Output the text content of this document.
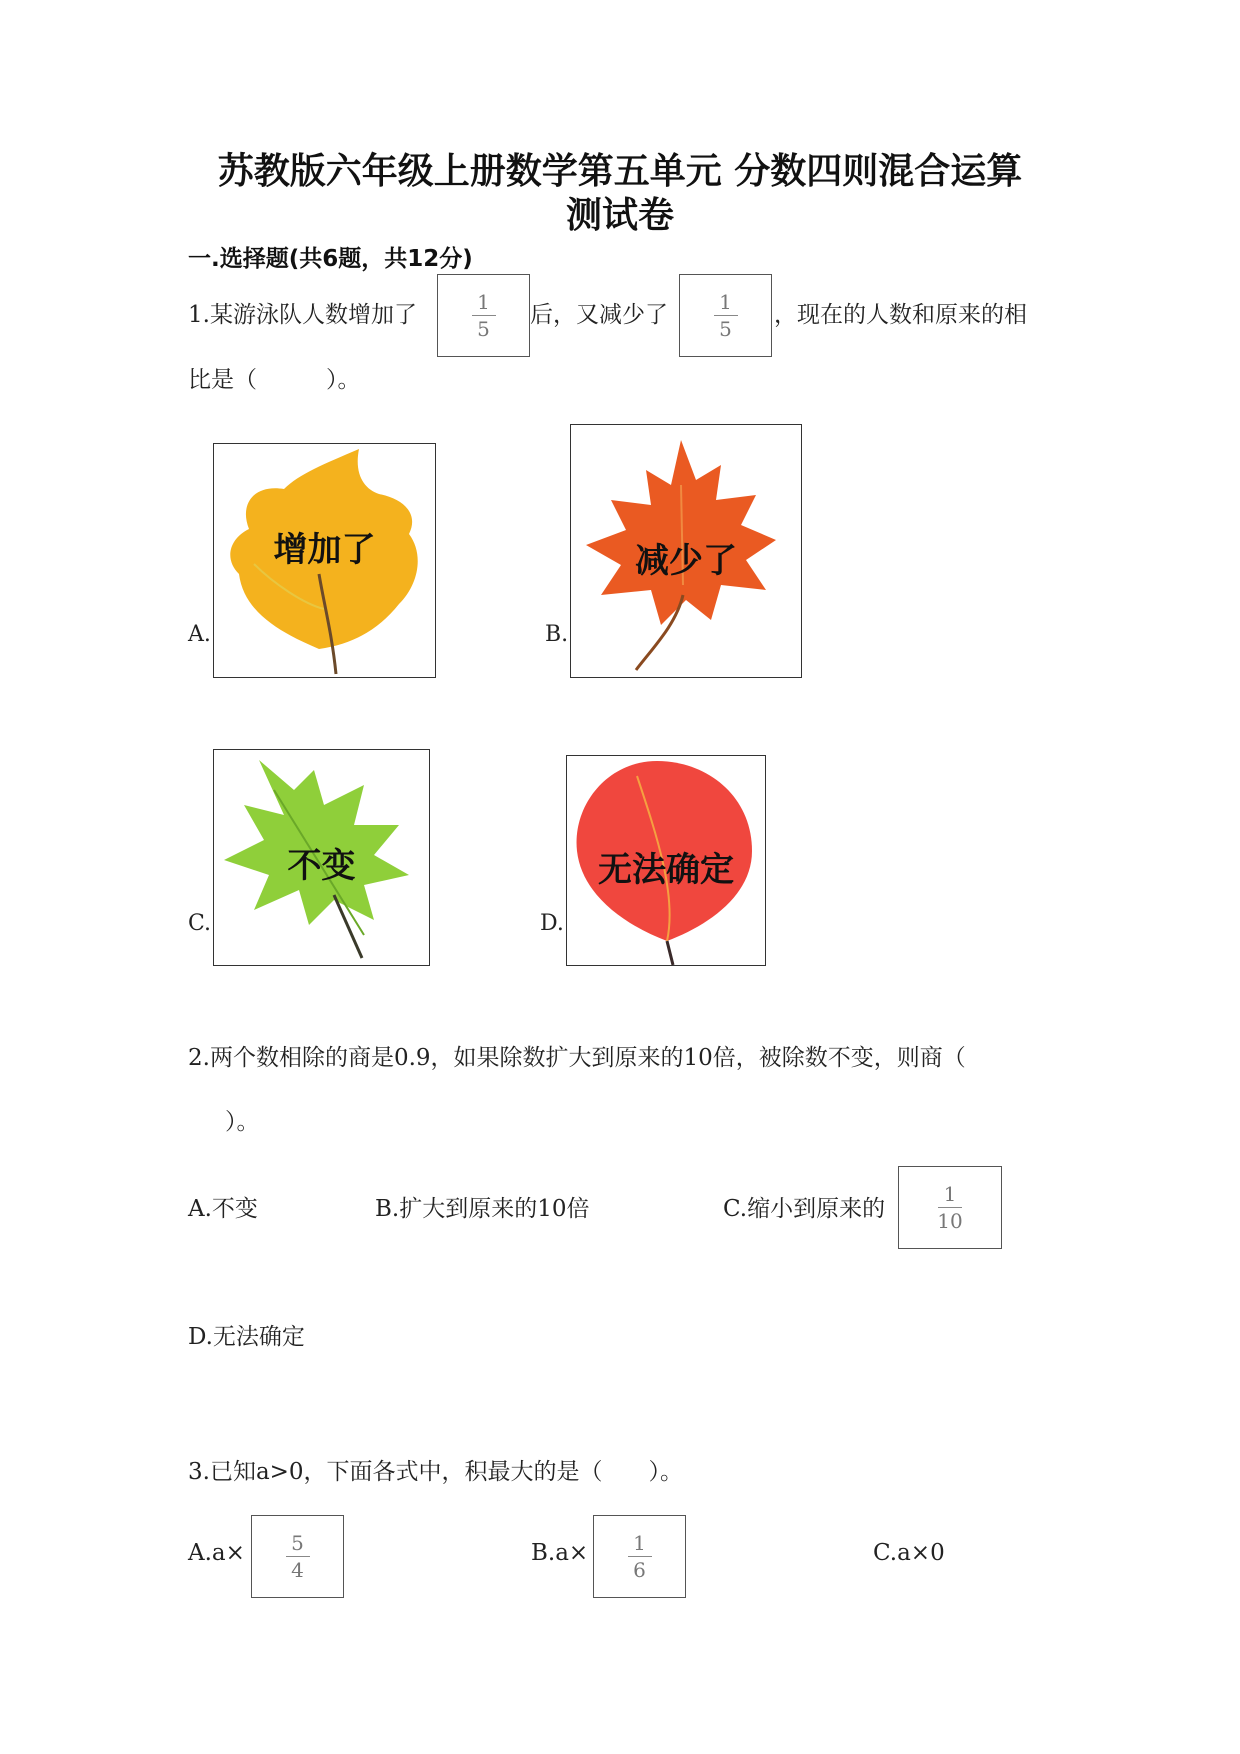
苏教版六年级上册数学第五单元 分数四则混合运算
测试卷
一.选择题(共6题，共12分)
1.某游泳队人数增加了	$\frac{1}{5}$ 后，又减少了 $\frac{1}{5}$ ，现在的人数和原来的相
比是（　　　）。
A.
增加了
B.
减少了
C.
不变
D.
无法确定
2.两个数相除的商是0.9，如果除数扩大到原来的10倍，被除数不变，则商（
）。
A.不变	B.扩大到原来的10倍	C.缩小到原来的	$\frac{1}{10}$
D.无法确定
3.已知a>0，下面各式中，积最大的是（　　）。
$A.a\times \frac{5}{4}$	$B.a\times \frac{1}{6}$	C.a×0
